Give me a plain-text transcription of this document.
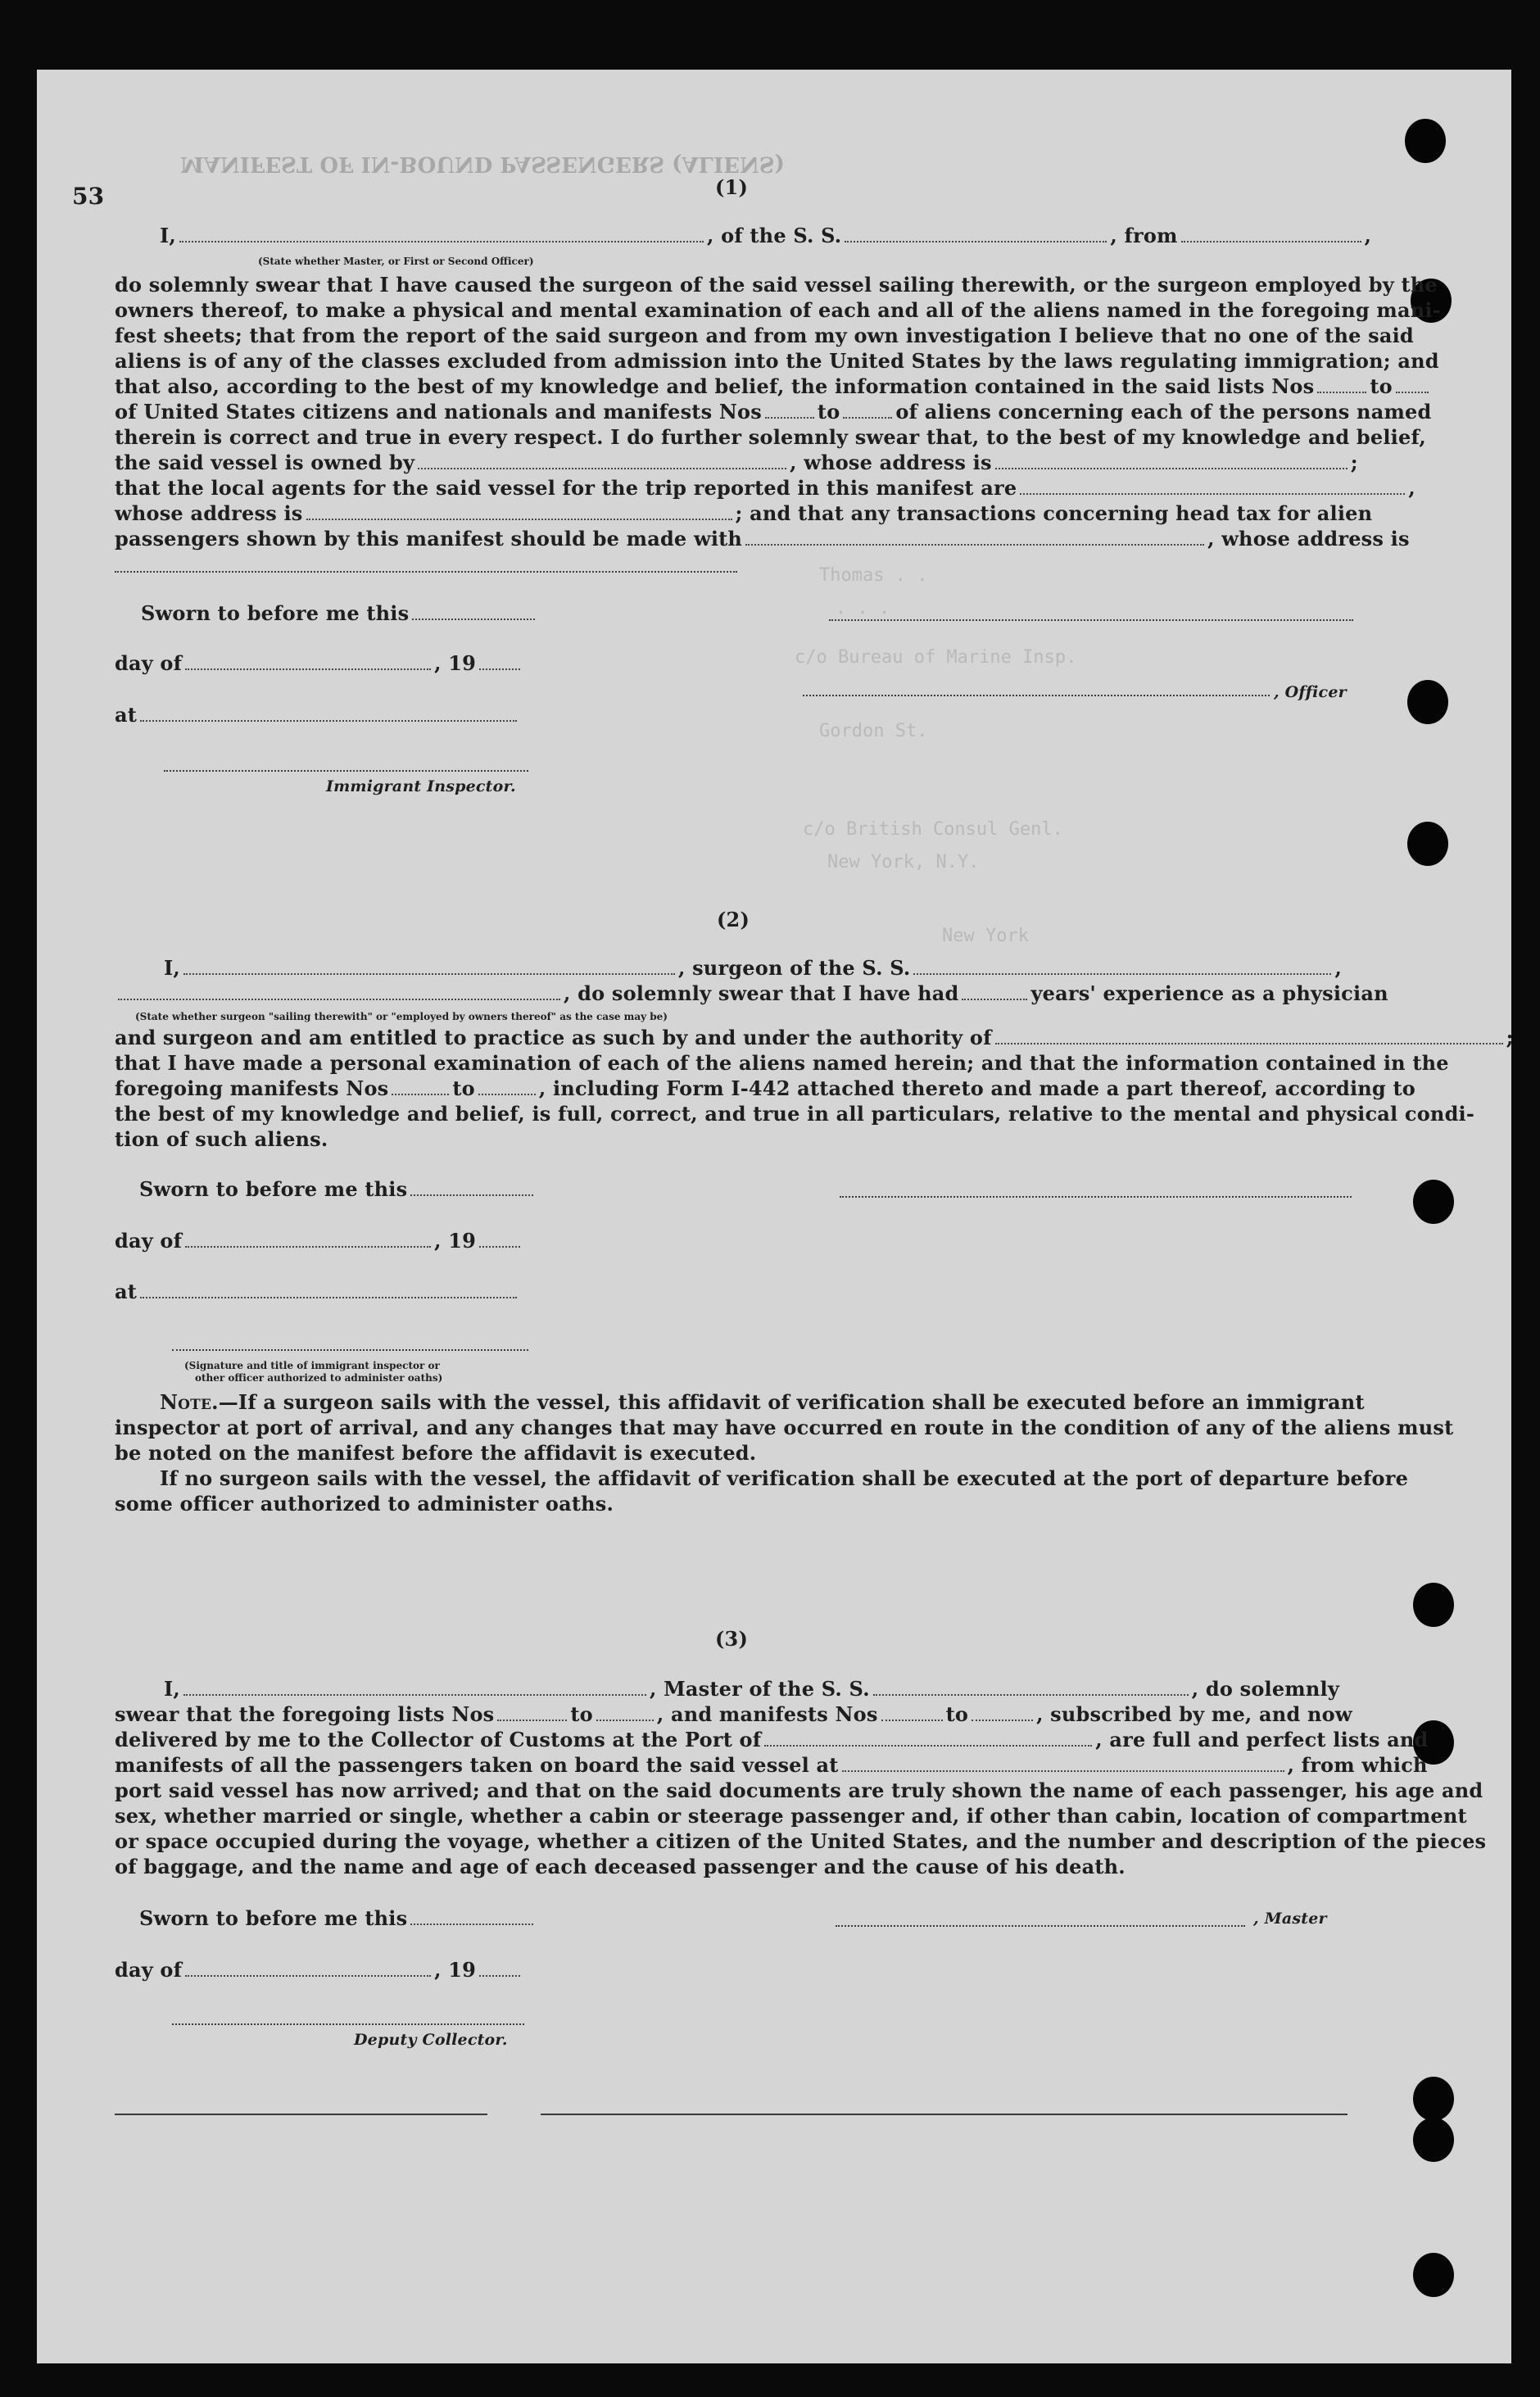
MANIFEST OF IN-BOUND PASSENGERS (ALIENS)
Thomas . .
. . .
c/o Bureau of Marine Insp.
Gordon St.
c/o British Consul Genl.
New York, N.Y.
New York
53	(1)
I,	, of the S. S.	, from	,
(State whether Master, or First or Second Officer)
do solemnly swear that I have caused the surgeon of the said vessel sailing therewith, or the surgeon employed by the
owners thereof, to make a physical and mental examination of each and all of the aliens named in the foregoing mani-
fest sheets; that from the report of the said surgeon and from my own investigation I believe that no one of the said
aliens is of any of the classes excluded from admission into the United States by the laws regulating immigration; and
that also, according to the best of my knowledge and belief, the information contained in the said lists Nos	to
of United States citizens and nationals and manifests Nos	to	of aliens concerning each of the persons named
therein is correct and true in every respect. I do further solemnly swear that, to the best of my knowledge and belief,
the said vessel is owned by	, whose address is	;
that the local agents for the said vessel for the trip reported in this manifest are	,
whose address is	; and that any transactions concerning head tax for alien
passengers shown by this manifest should be made with	, whose address is
Sworn to before me this
day of	, 19
, Officer
at
Immigrant Inspector.
(2)
I,	, surgeon of the S. S.	,
, do solemnly swear that I have had	years' experience as a physician
(State whether surgeon "sailing therewith" or "employed by owners thereof" as the case may be)
and surgeon and am entitled to practice as such by and under the authority of	;
that I have made a personal examination of each of the aliens named herein; and that the information contained in the
foregoing manifests Nos	to	, including Form I-442 attached thereto and made a part thereof, according to
the best of my knowledge and belief, is full, correct, and true in all particulars, relative to the mental and physical condi-
tion of such aliens.
Sworn to before me this
day of	, 19
at
(Signature and title of immigrant inspector or
other officer authorized to administer oaths)
Note.—If a surgeon sails with the vessel, this affidavit of verification shall be executed before an immigrant
inspector at port of arrival, and any changes that may have occurred en route in the condition of any of the aliens must
be noted on the manifest before the affidavit is executed.
If no surgeon sails with the vessel, the affidavit of verification shall be executed at the port of departure before
some officer authorized to administer oaths.
(3)
I,	, Master of the S. S.	, do solemnly
swear that the foregoing lists Nos	to	, and manifests Nos	to	, subscribed by me, and now
delivered by me to the Collector of Customs at the Port of	, are full and perfect lists and
manifests of all the passengers taken on board the said vessel at	, from which
port said vessel has now arrived; and that on the said documents are truly shown the name of each passenger, his age and
sex, whether married or single, whether a cabin or steerage passenger and, if other than cabin, location of compartment
or space occupied during the voyage, whether a citizen of the United States, and the number and description of the pieces
of baggage, and the name and age of each deceased passenger and the cause of his death.
Sworn to before me this	, Master
day of	, 19
Deputy Collector.
